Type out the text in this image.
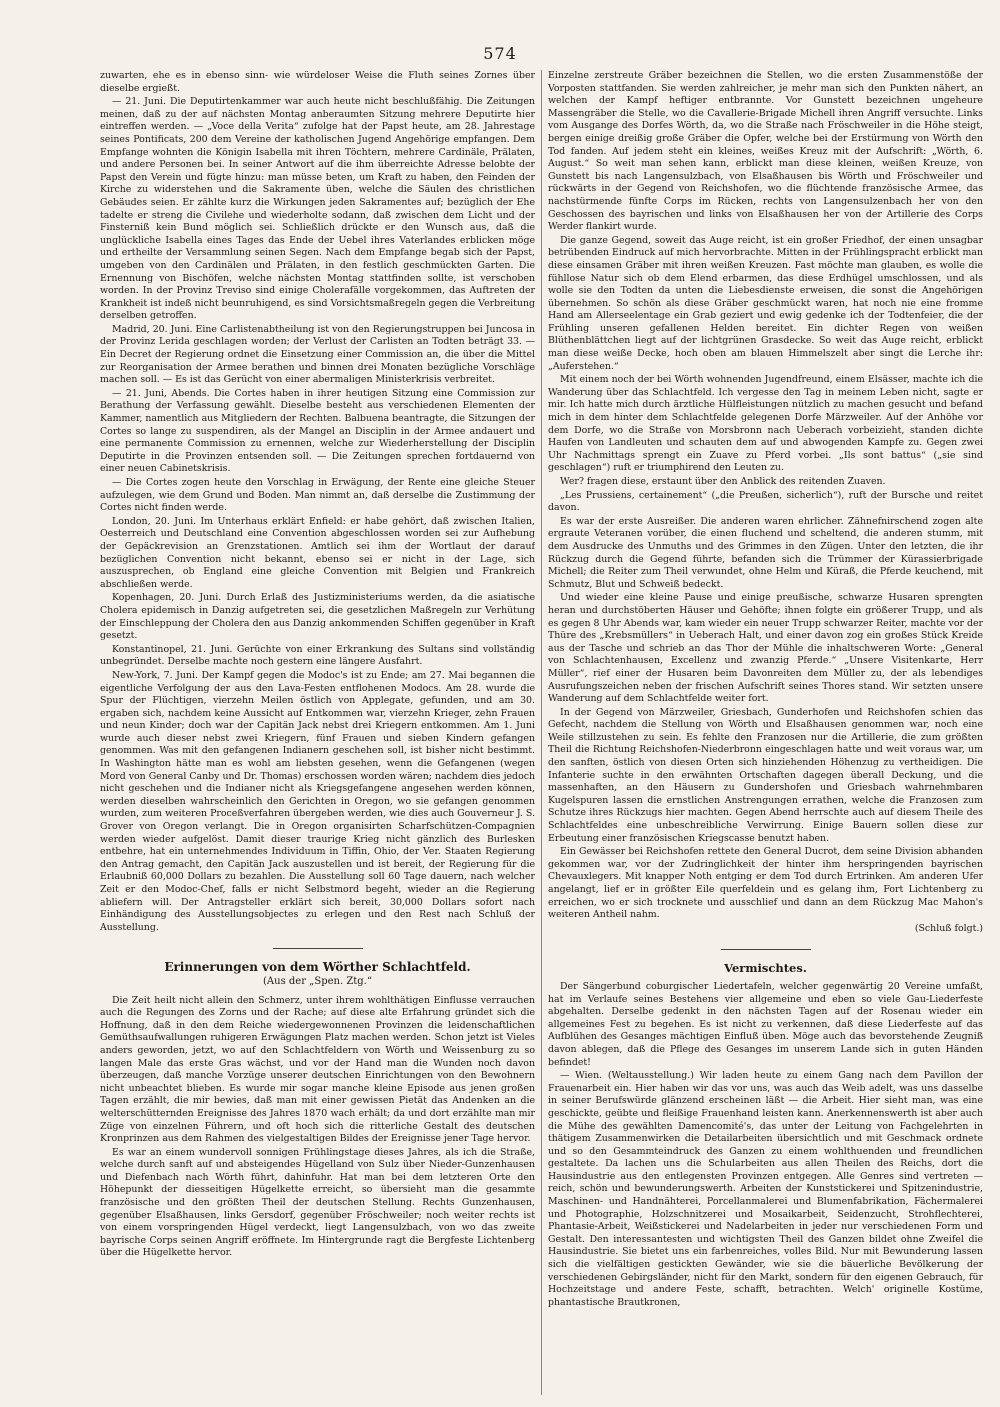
574

zuwarten, ehe es in ebenso sinn- wie würdeloser Weise die Fluth seines Zornes über dieselbe ergießt.

— 21. Juni. Die Deputirtenkammer war auch heute nicht beschlußfähig. Die Zeitungen meinen, daß zu der auf nächsten Montag anberaumten Sitzung mehrere Deputirte hier eintreffen werden. — „Voce della Verita“ zufolge hat der Papst heute, am 28. Jahrestage seines Pontificats, 200 dem Vereine der katholischen Jugend Angehörige empfangen. Dem Empfange wohnten die Königin Isabella mit ihren Töchtern, mehrere Cardinäle, Prälaten, und andere Personen bei. In seiner Antwort auf die ihm überreichte Adresse belobte der Papst den Verein und fügte hinzu: man müsse beten, um Kraft zu haben, den Feinden der Kirche zu widerstehen und die Sakramente üben, welche die Säulen des christlichen Gebäudes seien. Er zählte kurz die Wirkungen jeden Sakramentes auf; bezüglich der Ehe tadelte er streng die Civilehe und wiederholte sodann, daß zwischen dem Licht und der Finsterniß kein Bund möglich sei. Schließlich drückte er den Wunsch aus, daß die unglückliche Isabella eines Tages das Ende der Uebel ihres Vaterlandes erblicken möge und ertheilte der Versammlung seinen Segen. Nach dem Empfange begab sich der Papst, umgeben von den Cardinälen und Prälaten, in den festlich geschmückten Garten. Die Ernennung von Bischöfen, welche nächsten Montag stattfinden sollte, ist verschoben worden. In der Provinz Treviso sind einige Cholerafälle vorgekommen, das Auftreten der Krankheit ist indeß nicht beunruhigend, es sind Vorsichtsmaßregeln gegen die Verbreitung derselben getroffen.

Madrid, 20. Juni. Eine Carlistenabtheilung ist von den Regierungstruppen bei Juncosa in der Provinz Lerida geschlagen worden; der Verlust der Carlisten an Todten beträgt 33. — Ein Decret der Regierung ordnet die Einsetzung einer Commission an, die über die Mittel zur Reorganisation der Armee berathen und binnen drei Monaten bezügliche Vorschläge machen soll. — Es ist das Gerücht von einer abermaligen Ministerkrisis verbreitet.

— 21. Juni, Abends. Die Cortes haben in ihrer heutigen Sitzung eine Commission zur Berathung der Verfassung gewählt. Dieselbe besteht aus verschiedenen Elementen der Kammer, namentlich aus Mitgliedern der Rechten. Balbuena beantragte, die Sitzungen der Cortes so lange zu suspendiren, als der Mangel an Disciplin in der Armee andauert und eine permanente Commission zu ernennen, welche zur Wiederherstellung der Disciplin Deputirte in die Provinzen entsenden soll. — Die Zeitungen sprechen fortdauernd von einer neuen Cabinetskrisis.

— Die Cortes zogen heute den Vorschlag in Erwägung, der Rente eine gleiche Steuer aufzulegen, wie dem Grund und Boden. Man nimmt an, daß derselbe die Zustimmung der Cortes nicht finden werde.

London, 20. Juni. Im Unterhaus erklärt Enfield: er habe gehört, daß zwischen Italien, Oesterreich und Deutschland eine Convention abgeschlossen worden sei zur Aufhebung der Gepäckrevision an Grenzstationen. Amtlich sei ihm der Wortlaut der darauf bezüglichen Convention nicht bekannt, ebenso sei er nicht in der Lage, sich auszusprechen, ob England eine gleiche Convention mit Belgien und Frankreich abschließen werde.

Kopenhagen, 20. Juni. Durch Erlaß des Justizministeriums werden, da die asiatische Cholera epidemisch in Danzig aufgetreten sei, die gesetzlichen Maßregeln zur Verhütung der Einschleppung der Cholera den aus Danzig ankommenden Schiffen gegenüber in Kraft gesetzt.

Konstantinopel, 21. Juni. Gerüchte von einer Erkrankung des Sultans sind vollständig unbegründet. Derselbe machte noch gestern eine längere Ausfahrt.

New-York, 7. Juni. Der Kampf gegen die Modoc's ist zu Ende; am 27. Mai begannen die eigentliche Verfolgung der aus den Lava-Festen entflohenen Modocs. Am 28. wurde die Spur der Flüchtigen, vierzehn Meilen östlich von Applegate, gefunden, und am 30. ergaben sich, nachdem keine Aussicht auf Entkommen war, vierzehn Krieger, zehn Frauen und neun Kinder; doch war der Capitän Jack nebst drei Kriegern entkommen. Am 1. Juni wurde auch dieser nebst zwei Kriegern, fünf Frauen und sieben Kindern gefangen genommen. Was mit den gefangenen Indianern geschehen soll, ist bisher nicht bestimmt. In Washington hätte man es wohl am liebsten gesehen, wenn die Gefangenen (wegen Mord von General Canby und Dr. Thomas) erschossen worden wären; nachdem dies jedoch nicht geschehen und die Indianer nicht als Kriegsgefangene angesehen werden können, werden dieselben wahrscheinlich den Gerichten in Oregon, wo sie gefangen genommen wurden, zum weiteren Proceßverfahren übergeben werden, wie dies auch Gouverneur J. S. Grover von Oregon verlangt. Die in Oregon organisirten Scharfschützen-Compagnien werden wieder aufgelöst. Damit dieser traurige Krieg nicht gänzlich des Burlesken entbehre, hat ein unternehmendes Individuum in Tiffin, Ohio, der Ver. Staaten Regierung den Antrag gemacht, den Capitän Jack auszustellen und ist bereit, der Regierung für die Erlaubniß 60,000 Dollars zu bezahlen. Die Ausstellung soll 60 Tage dauern, nach welcher Zeit er den Modoc-Chef, falls er nicht Selbstmord begeht, wieder an die Regierung abliefern will. Der Antragsteller erklärt sich bereit, 30,000 Dollars sofort nach Einhändigung des Ausstellungsobjectes zu erlegen und den Rest nach Schluß der Ausstellung.

Erinnerungen von dem Wörther Schlachtfeld.
(Aus der „Spen. Ztg.“

Die Zeit heilt nicht allein den Schmerz, unter ihrem wohlthätigen Einflusse verrauchen auch die Regungen des Zorns und der Rache; auf diese alte Erfahrung gründet sich die Hoffnung, daß in den dem Reiche wiedergewonnenen Provinzen die leidenschaftlichen Gemüthsaufwallungen ruhigeren Erwägungen Platz machen werden. Schon jetzt ist Vieles anders geworden, jetzt, wo auf den Schlachtfeldern von Wörth und Weissenburg zu so langen Male das erste Gras wächst, und vor der Hand man die Wunden noch davon überzeugen, daß manche Vorzüge unserer deutschen Einrichtungen von den Bewohnern nicht unbeachtet blieben. Es wurde mir sogar manche kleine Episode aus jenen großen Tagen erzählt, die mir bewies, daß man mit einer gewissen Pietät das Andenken an die welterschütternden Ereignisse des Jahres 1870 wach erhält; da und dort erzählte man mir Züge von einzelnen Führern, und oft hoch sich die ritterliche Gestalt des deutschen Kronprinzen aus dem Rahmen des vielgestaltigen Bildes der Ereignisse jener Tage hervor.

Es war an einem wundervoll sonnigen Frühlingstage dieses Jahres, als ich die Straße, welche durch sanft auf und absteigendes Hügelland von Sulz über Nieder-Gunzenhausen und Diefenbach nach Wörth führt, dahinfuhr. Hat man bei dem letzteren Orte den Höhepunkt der diesseitigen Hügelkette erreicht, so übersieht man die gesammte französische und den größten Theil der deutschen Stellung. Rechts Gunzenhausen, gegenüber Elsaßhausen, links Gersdorf, gegenüber Fröschweiler; noch weiter rechts ist von einem vorspringenden Hügel verdeckt, liegt Langensulzbach, von wo das zweite bayrische Corps seinen Angriff eröffnete. Im Hintergrunde ragt die Bergfeste Lichtenberg über die Hügelkette hervor.

Einzelne zerstreute Gräber bezeichnen die Stellen, wo die ersten Zusammenstöße der Vorposten stattfanden. Sie werden zahlreicher, je mehr man sich den Punkten nähert, an welchen der Kampf heftiger entbrannte. Vor Gunstett bezeichnen ungeheure Massengräber die Stelle, wo die Cavallerie-Brigade Michell ihren Angriff versuchte. Links vom Ausgange des Dorfes Wörth, da, wo die Straße nach Fröschweiler in die Höhe steigt, bergen einige dreißig große Gräber die Opfer, welche bei der Erstürmung von Wörth den Tod fanden. Auf jedem steht ein kleines, weißes Kreuz mit der Aufschrift: „Wörth, 6. August.“ So weit man sehen kann, erblickt man diese kleinen, weißen Kreuze, von Gunstett bis nach Langensulzbach, von Elsaßhausen bis Wörth und Fröschweiler und rückwärts in der Gegend von Reichshofen, wo die flüchtende französische Armee, das nachstürmende fünfte Corps im Rücken, rechts von Langensulzenbach her von den Geschossen des bayrischen und links von Elsaßhausen her von der Artillerie des Corps Werder flankirt wurde.

Die ganze Gegend, soweit das Auge reicht, ist ein großer Friedhof, der einen unsagbar betrübenden Eindruck auf mich hervorbrachte. Mitten in der Frühlingspracht erblickt man diese einsamen Gräber mit ihren weißen Kreuzen. Fast möchte man glauben, es wolle die fühllose Natur sich ob dem Elend erbarmen, das diese Erdhügel umschlossen, und als wolle sie den Todten da unten die Liebesdienste erweisen, die sonst die Angehörigen übernehmen. So schön als diese Gräber geschmückt waren, hat noch nie eine fromme Hand am Allerseelentage ein Grab geziert und ewig gedenke ich der Todtenfeier, die der Frühling unseren gefallenen Helden bereitet. Ein dichter Regen von weißen Blüthenblättchen liegt auf der lichtgrünen Grasdecke. So weit das Auge reicht, erblickt man diese weiße Decke, hoch oben am blauen Himmelszelt aber singt die Lerche ihr: „Auferstehen.“

Mit einem noch der bei Wörth wohnenden Jugendfreund, einem Elsässer, machte ich die Wanderung über das Schlachtfeld. Ich vergesse den Tag in meinem Leben nicht, sagte er mir. Ich hatte mich durch ärztliche Hülfleistungen nützlich zu machen gesucht und befand mich in dem hinter dem Schlachtfelde gelegenen Dorfe Märzweiler. Auf der Anhöhe vor dem Dorfe, wo die Straße von Morsbronn nach Ueberach vorbeizieht, standen dichte Haufen von Landleuten und schauten dem auf und abwogenden Kampfe zu. Gegen zwei Uhr Nachmittags sprengt ein Zuave zu Pferd vorbei. „Ils sont battus“ („sie sind geschlagen“) ruft er triumphirend den Leuten zu.

Wer? fragen diese, erstaunt über den Anblick des reitenden Zuaven.

„Les Prussiens, certainement“ („die Preußen, sicherlich“), ruft der Bursche und reitet davon.

Es war der erste Ausreißer. Die anderen waren ehrlicher. Zähnefnirschend zogen alte ergraute Veteranen vorüber, die einen fluchend und scheltend, die anderen stumm, mit dem Ausdrucke des Unmuths und des Grimmes in den Zügen. Unter den letzten, die ihr Rückzug durch die Gegend führte, befanden sich die Trümmer der Kürassierbrigade Michell; die Reiter zum Theil verwundet, ohne Helm und Küraß, die Pferde keuchend, mit Schmutz, Blut und Schweiß bedeckt.

Und wieder eine kleine Pause und einige preußische, schwarze Husaren sprengten heran und durchstöberten Häuser und Gehöfte; ihnen folgte ein größerer Trupp, und als es gegen 8 Uhr Abends war, kam wieder ein neuer Trupp schwarzer Reiter, machte vor der Thüre des „Krebsmüllers“ in Ueberach Halt, und einer davon zog ein großes Stück Kreide aus der Tasche und schrieb an das Thor der Mühle die inhaltschweren Worte: „General von Schlachtenhausen, Excellenz und zwanzig Pferde.“ „Unsere Visitenkarte, Herr Müller“, rief einer der Husaren beim Davonreiten dem Müller zu, der als lebendiges Ausrufungszeichen neben der frischen Aufschrift seines Thores stand. Wir setzten unsere Wanderung auf dem Schlachtfelde weiter fort.

In der Gegend von Märzweiler, Griesbach, Gunderhofen und Reichshofen schien das Gefecht, nachdem die Stellung von Wörth und Elsaßhausen genommen war, noch eine Weile stillzustehen zu sein. Es fehlte den Franzosen nur die Artillerie, die zum größten Theil die Richtung Reichshofen-Niederbronn eingeschlagen hatte und weit voraus war, um den sanften, östlich von diesen Orten sich hinziehenden Höhenzug zu vertheidigen. Die Infanterie suchte in den erwähnten Ortschaften dagegen überall Deckung, und die massenhaften, an den Häusern zu Gundershofen und Griesbach wahrnehmbaren Kugelspuren lassen die ernstlichen Anstrengungen errathen, welche die Franzosen zum Schutze ihres Rückzugs hier machten. Gegen Abend herrschte auch auf diesem Theile des Schlachtfeldes eine unbeschreibliche Verwirrung. Einige Bauern sollen diese zur Erbeutung einer französischen Kriegscasse benutzt haben.

Ein Gewässer bei Reichshofen rettete den General Ducrot, dem seine Division abhanden gekommen war, vor der Zudringlichkeit der hinter ihm herspringenden bayrischen Chevauxlegers. Mit knapper Noth entging er dem Tod durch Ertrinken. Am anderen Ufer angelangt, lief er in größter Eile querfeldein und es gelang ihm, Fort Lichtenberg zu erreichen, wo er sich trocknete und ausschlief und dann an dem Rückzug Mac Mahon's weiteren Antheil nahm.

(Schluß folgt.)

Vermischtes.

Der Sängerbund coburgischer Liedertafeln, welcher gegenwärtig 20 Vereine umfaßt, hat im Verlaufe seines Bestehens vier allgemeine und eben so viele Gau-Liederfeste abgehalten. Derselbe gedenkt in den nächsten Tagen auf der Rosenau wieder ein allgemeines Fest zu begehen. Es ist nicht zu verkennen, daß diese Liederfeste auf das Aufblühen des Gesanges mächtigen Einfluß üben. Möge auch das bevorstehende Zeugniß davon ablegen, daß die Pflege des Gesanges im unserem Lande sich in guten Händen befindet!

— Wien. (Weltausstellung.) Wir laden heute zu einem Gang nach dem Pavillon der Frauenarbeit ein. Hier haben wir das vor uns, was auch das Weib adelt, was uns dasselbe in seiner Berufswürde glänzend erscheinen läßt — die Arbeit. Hier sieht man, was eine geschickte, geübte und fleißige Frauenhand leisten kann. Anerkennenswerth ist aber auch die Mühe des gewählten Damencomité's, das unter der Leitung von Fachgelehrten in thätigem Zusammenwirken die Detailarbeiten übersichtlich und mit Geschmack ordnete und so den Gesammteindruck des Ganzen zu einem wohlthuenden und freundlichen gestaltete. Da lachen uns die Schularbeiten aus allen Theilen des Reichs, dort die Hausindustrie aus den entlegensten Provinzen entgegen. Alle Genres sind vertreten — reich, schön und bewunderungswerth. Arbeiten der Kunststickerei und Spitzenindustrie, Maschinen- und Handnähterei, Porcellanmalerei und Blumenfabrikation, Fächermalerei und Photographie, Holzschnitzerei und Mosaikarbeit, Seidenzucht, Strohflechterei, Phantasie-Arbeit, Weißstickerei und Nadelarbeiten in jeder nur verschiedenen Form und Gestalt. Den interessantesten und wichtigsten Theil des Ganzen bildet ohne Zweifel die Hausindustrie. Sie bietet uns ein farbenreiches, volles Bild. Nur mit Bewunderung lassen sich die vielfältigen gestickten Gewänder, wie sie die bäuerliche Bevölkerung der verschiedenen Gebirgsländer, nicht für den Markt, sondern für den eigenen Gebrauch, für Hochzeitstage und andere Feste, schafft, betrachten. Welch' originelle Kostüme, phantastische Brautkronen,
